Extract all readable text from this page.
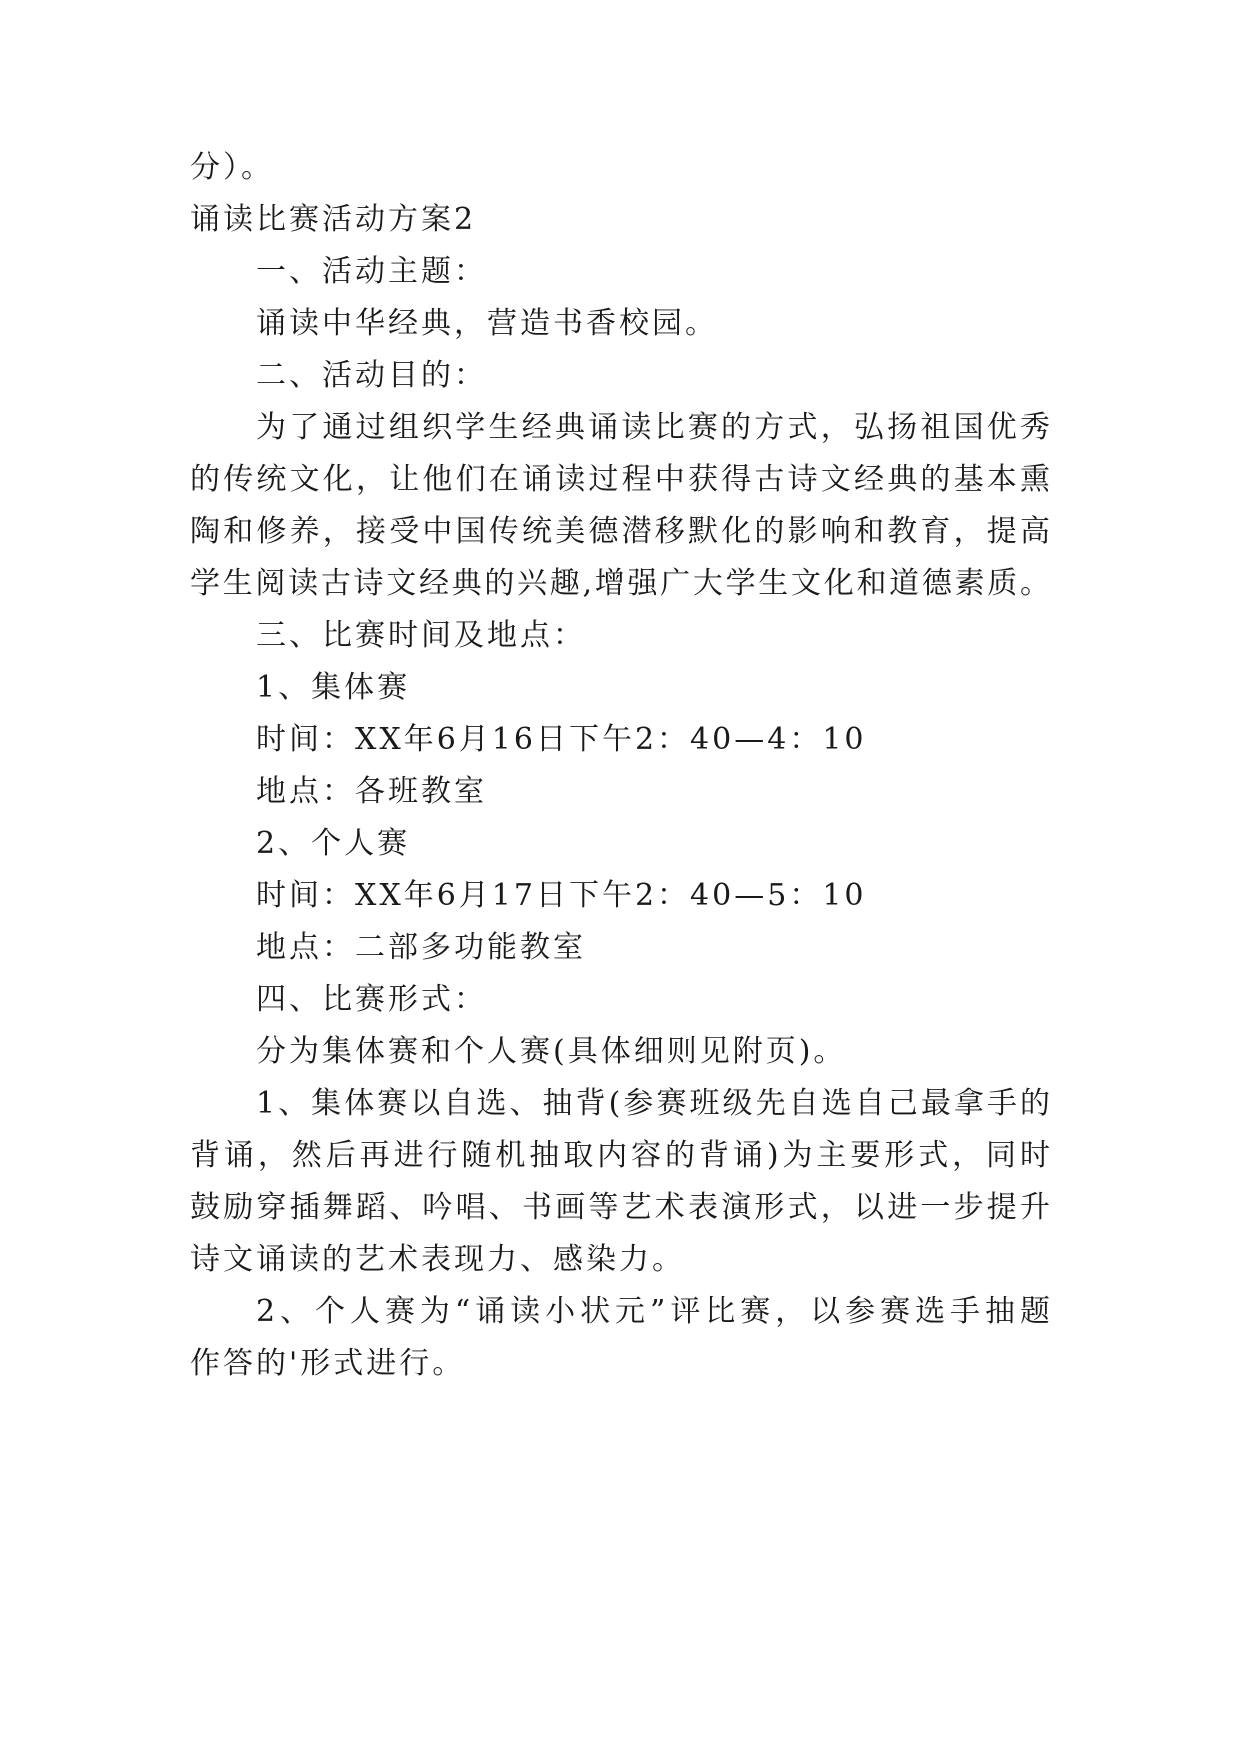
分）。

诵读比赛活动方案2

一、活动主题：

诵读中华经典，营造书香校园。

二、活动目的：

为了通过组织学生经典诵读比赛的方式，弘扬祖国优秀

的传统文化，让他们在诵读过程中获得古诗文经典的基本熏

陶和修养，接受中国传统美德潜移默化的影响和教育，提高

学生阅读古诗文经典的兴趣,增强广大学生文化和道德素质。

三、比赛时间及地点：

1、集体赛

时间：XX年6月16日下午2：40—4：10

地点：各班教室

2、个人赛

时间：XX年6月17日下午2：40—5：10

地点：二部多功能教室

四、比赛形式：

分为集体赛和个人赛(具体细则见附页)。

1、集体赛以自选、抽背(参赛班级先自选自己最拿手的

背诵，然后再进行随机抽取内容的背诵)为主要形式，同时

鼓励穿插舞蹈、吟唱、书画等艺术表演形式，以进一步提升

诗文诵读的艺术表现力、感染力。

2、个人赛为“诵读小状元”评比赛，以参赛选手抽题

作答的'形式进行。
